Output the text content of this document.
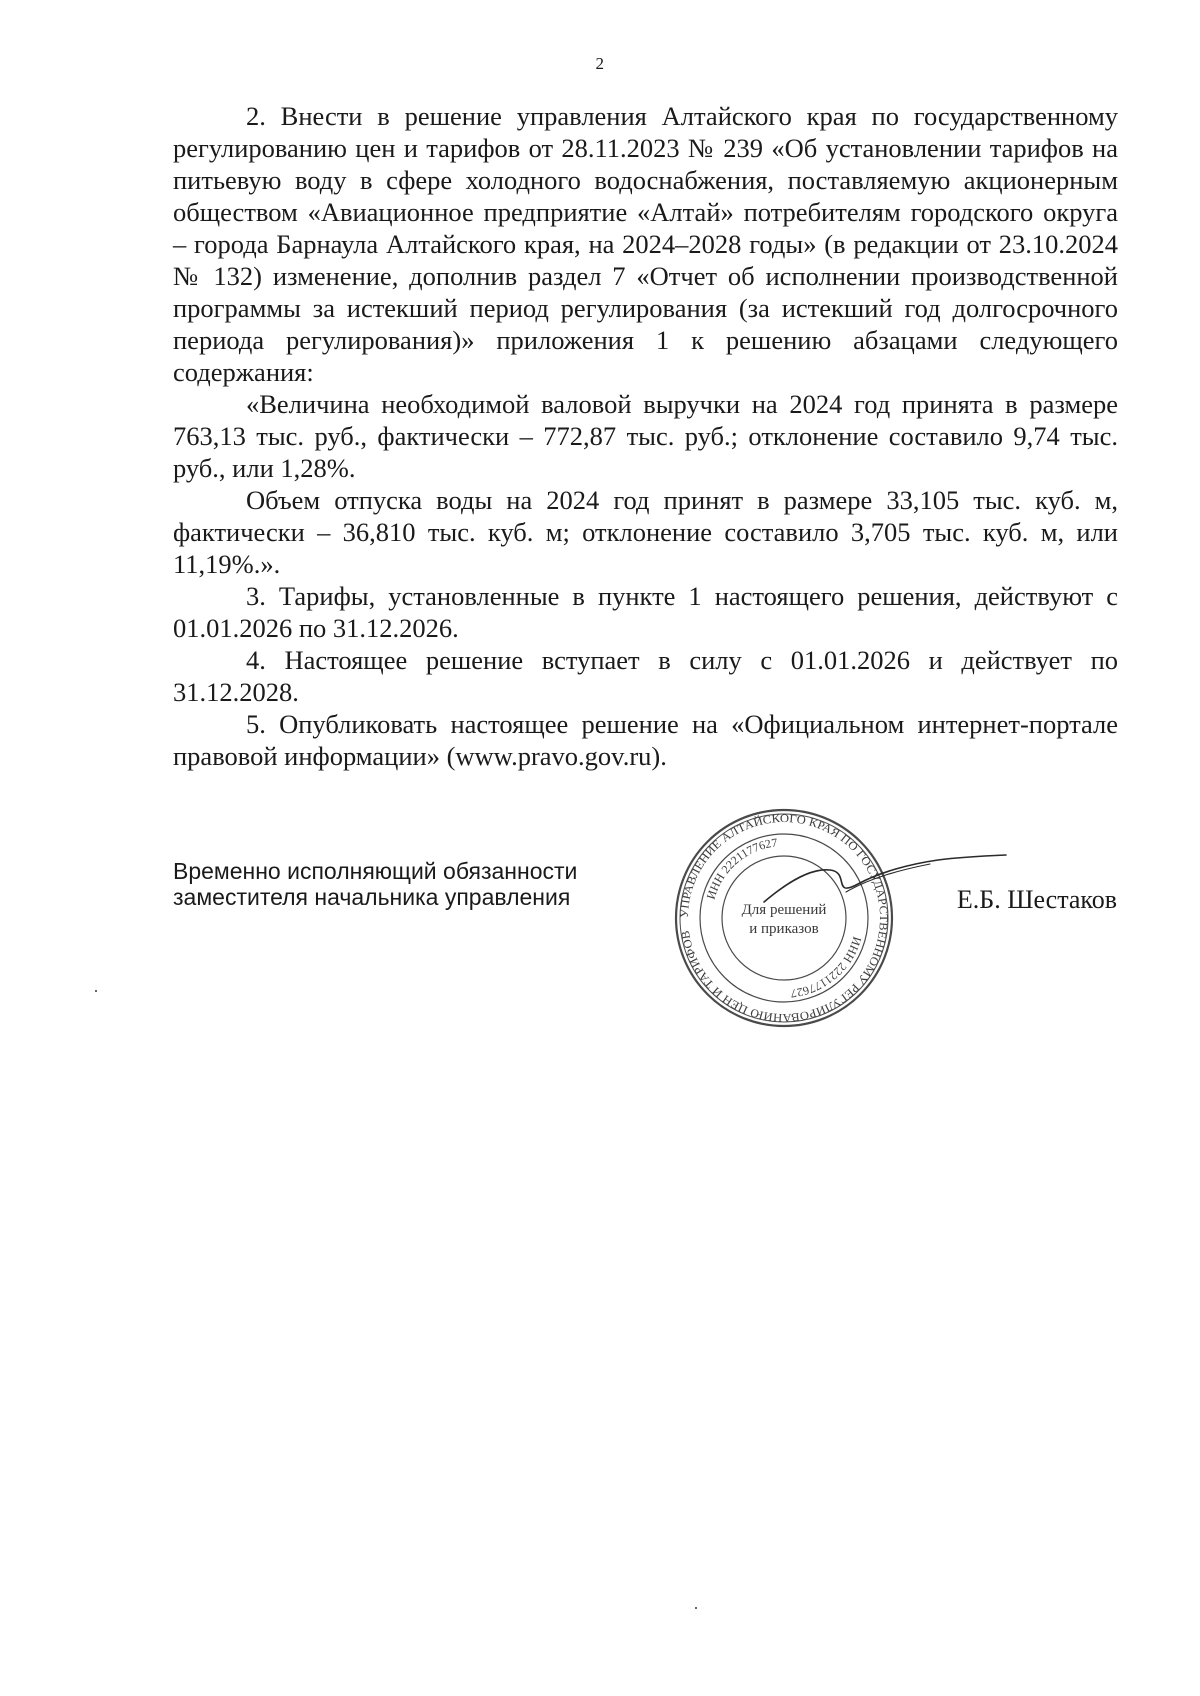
2

2. Внести в решение управления Алтайского края по государственному регулированию цен и тарифов от 28.11.2023 № 239 «Об установлении тарифов на питьевую воду в сфере холодного водоснабжения, поставляемую акционерным обществом «Авиационное предприятие «Алтай» потребителям городского округа – города Барнаула Алтайского края, на 2024–2028 годы» (в редакции от 23.10.2024 № 132) изменение, дополнив раздел 7 «Отчет об исполнении производственной программы за истекший период регулирования (за истекший год долгосрочного периода регулирования)» приложения 1 к решению абзацами следующего содержания:

«Величина необходимой валовой выручки на 2024 год принята в размере 763,13 тыс. руб., фактически – 772,87 тыс. руб.; отклонение составило 9,74 тыс. руб., или 1,28%.

Объем отпуска воды на 2024 год принят в размере 33,105 тыс. куб. м, фактически – 36,810 тыс. куб. м; отклонение составило 3,705 тыс. куб. м, или 11,19%.».

3. Тарифы, установленные в пункте 1 настоящего решения, действуют с 01.01.2026 по 31.12.2026.

4. Настоящее решение вступает в силу с 01.01.2026 и действует по 31.12.2028.

5. Опубликовать настоящее решение на «Официальном интернет-портале правовой информации» (www.pravo.gov.ru).

Временно исполняющий обязанности
заместителя начальника управления
УПРАВЛЕНИЕ АЛТАЙСКОГО КРАЯ ПО ГОСУДАРСТВЕННОМУ РЕГУЛИРОВАНИЮ ЦЕН И ТАРИФОВ
ИНН 2221177627
ИНН 2221177627
Для решений
и приказов
Е.Б. Шестаков
